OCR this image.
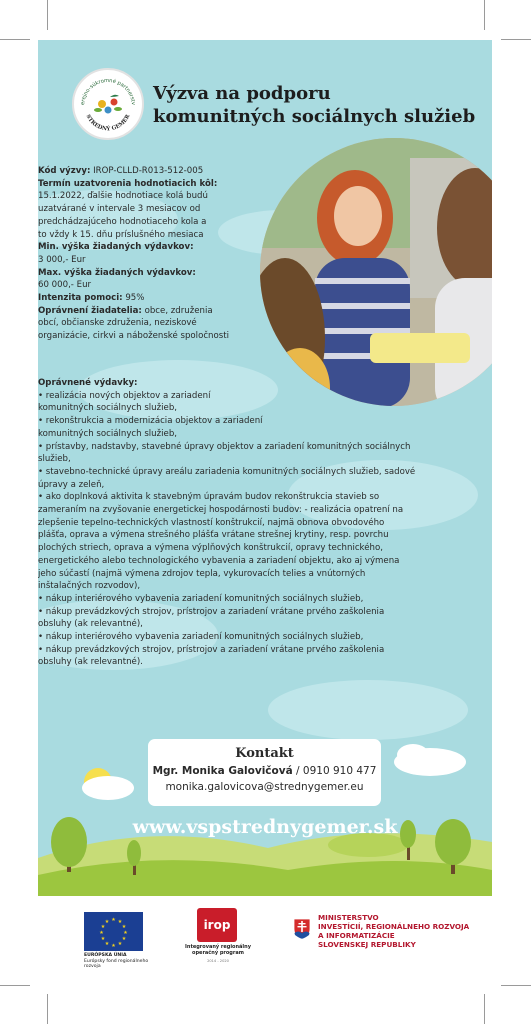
erejno-súkromné partnerstv
STREDNÝ GEMER
Výzva na podporu
komunitných sociálnych služieb
Kód výzvy: IROP-CLLD-R013-512-005
Termín uzatvorenia hodnotiacich kôl:
15.1.2022, ďalšie hodnotiace kolá budú
uzatvárané v intervale 3 mesiacov od
predchádzajúceho hodnotiaceho kola a
to vždy k 15. dňu príslušného mesiaca
Min. výška žiadaných výdavkov:
3 000,- Eur
Max. výška žiadaných výdavkov:
60 000,- Eur
Intenzita pomoci: 95%
Oprávnení žiadatelia: obce, združenia
obcí, občianske združenia, neziskové
organizácie, cirkvi a náboženské spoločnosti
Oprávnené výdavky:
• realizácia nových objektov a zariadení
komunitných sociálnych služieb,
• rekonštrukcia a modernizácia objektov a zariadení
komunitných sociálnych služieb,
• prístavby, nadstavby, stavebné úpravy objektov a zariadení komunitných sociálnych
služieb,
• stavebno-technické úpravy areálu zariadenia komunitných sociálnych služieb, sadové
úpravy a zeleň,
• ako doplnková aktivita k stavebným úpravám budov rekonštrukcia stavieb so
zameraním na zvyšovanie energetickej hospodárnosti budov: - realizácia opatrení na
zlepšenie tepelno-technických vlastností konštrukcií, najmä obnova obvodového
plášťa, oprava a výmena strešného plášťa vrátane strešnej krytiny, resp. povrchu
plochých striech, oprava a výmena výplňových konštrukcií, opravy technického,
energetického alebo technologického vybavenia a zariadení objektu, ako aj výmena
jeho súčastí (najmä výmena zdrojov tepla, vykurovacích telies a vnútorných
inštalačných rozvodov),
• nákup interiérového vybavenia zariadení komunitných sociálnych služieb,
• nákup prevádzkových strojov, prístrojov a zariadení vrátane prvého zaškolenia
obsluhy (ak relevantné),
• nákup interiérového vybavenia zariadení komunitných sociálnych služieb,
• nákup prevádzkových strojov, prístrojov a zariadení vrátane prvého zaškolenia
obsluhy (ak relevantné).
Kontakt
Mgr. Monika Galovičová / 0910 910 477
monika.galovicova@strednygemer.eu
www.vspstrednygemer.sk
★ ★
★
★
★
★
★
★
★
★
★
★
EURÓPSKA ÚNIA
Európsky fond regionálneho rozvoja
irop
Integrovaný regionálny
operačný program
2014 - 2020
MINISTERSTVO
INVESTÍCIÍ, REGIONÁLNEHO ROZVOJA
A INFORMATIZÁCIE
SLOVENSKEJ REPUBLIKY
